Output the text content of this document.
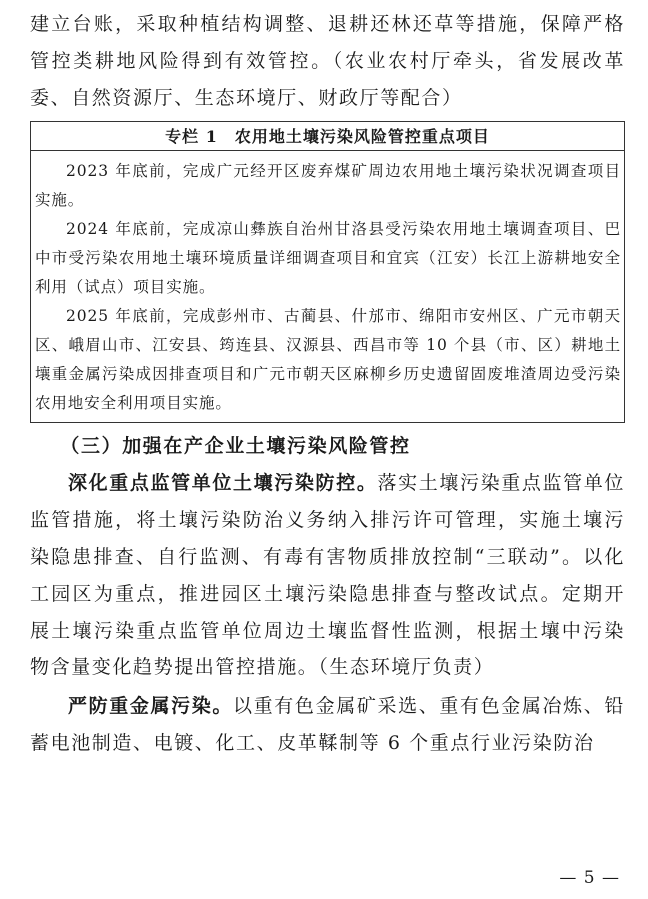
建立台账，采取种植结构调整、退耕还林还草等措施，保障严格管控类耕地风险得到有效管控。（农业农村厅牵头，省发展改革委、自然资源厅、生态环境厅、财政厅等配合）

专栏 1　农用地土壤污染风险管控重点项目

2023 年底前，完成广元经开区废弃煤矿周边农用地土壤污染状况调查项目实施。

2024 年底前，完成凉山彝族自治州甘洛县受污染农用地土壤调查项目、巴中市受污染农用地土壤环境质量详细调查项目和宜宾（江安）长江上游耕地安全利用（试点）项目实施。

2025 年底前，完成彭州市、古蔺县、什邡市、绵阳市安州区、广元市朝天区、峨眉山市、江安县、筠连县、汉源县、西昌市等 10 个县（市、区）耕地土壤重金属污染成因排查项目和广元市朝天区麻柳乡历史遗留固废堆渣周边受污染农用地安全利用项目实施。

（三）加强在产企业土壤污染风险管控

深化重点监管单位土壤污染防控。落实土壤污染重点监管单位监管措施，将土壤污染防治义务纳入排污许可管理，实施土壤污染隐患排查、自行监测、有毒有害物质排放控制“三联动”。以化工园区为重点，推进园区土壤污染隐患排查与整改试点。定期开展土壤污染重点监管单位周边土壤监督性监测，根据土壤中污染物含量变化趋势提出管控措施。（生态环境厅负责）

严防重金属污染。以重有色金属矿采选、重有色金属冶炼、铅蓄电池制造、电镀、化工、皮革鞣制等 6 个重点行业污染防治

— 5 —
